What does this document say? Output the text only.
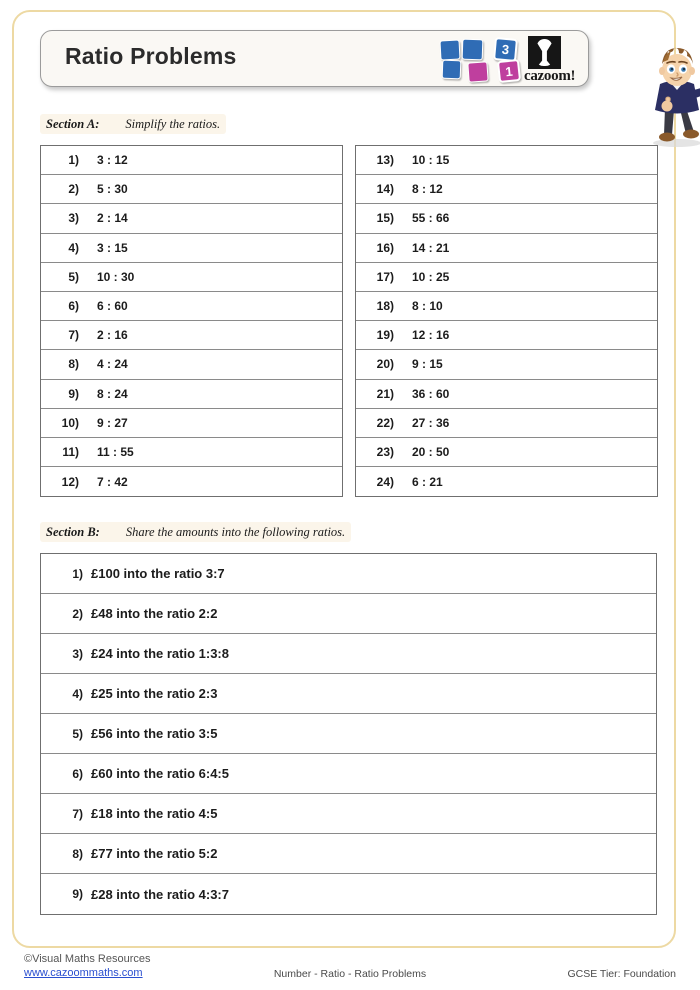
Ratio Problems	3
1 cazoom!
Section A: Simplify the ratios.
1) 3 : 12
2) 5 : 30
3) 2 : 14
4) 3 : 15
5) 10 : 30
6) 6 : 60
7) 2 : 16
8) 4 : 24
9) 8 : 24
10) 9 : 27
11) 11 : 55
12) 7 : 42
13) 10 : 15
14) 8 : 12
15) 55 : 66
16) 14 : 21
17) 10 : 25
18) 8 : 10
19) 12 : 16
20) 9 : 15
21) 36 : 60
22) 27 : 36
23) 20 : 50
24) 6 : 21
Section B: Share the amounts into the following ratios.
1) £100 into the ratio 3:7
2) £48 into the ratio 2:2
3) £24 into the ratio 1:3:8
4) £25 into the ratio 2:3
5) £56 into the ratio 3:5
6) £60 into the ratio 6:4:5
7) £18 into the ratio 4:5
8) £77 into the ratio 5:2
9) £28 into the ratio 4:3:7
©Visual Maths Resources
www.cazoommaths.com	Number - Ratio - Ratio Problems	GCSE Tier: Foundation
